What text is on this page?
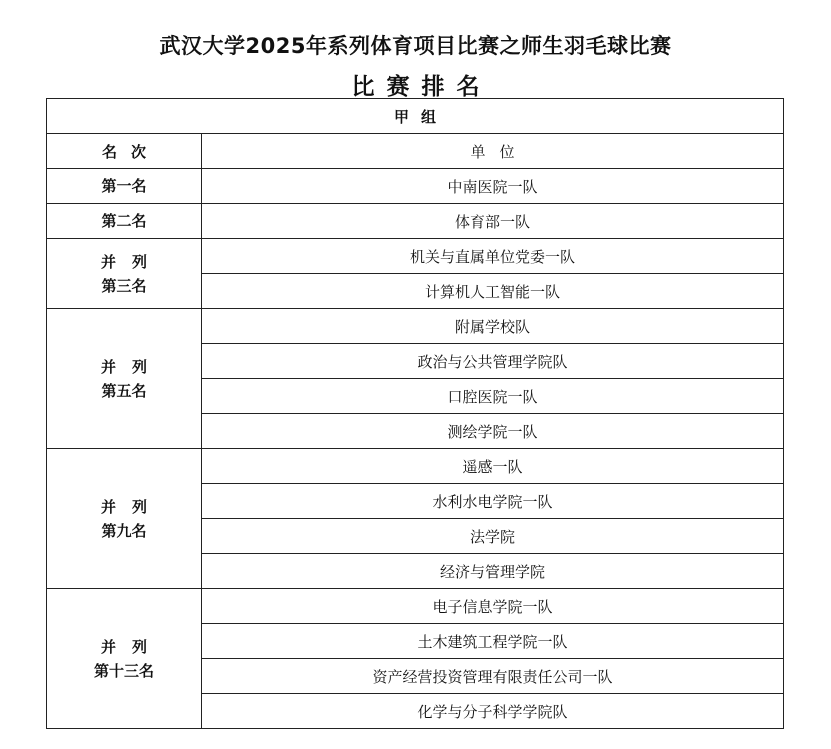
武汉大学2025年系列体育项目比赛之师生羽毛球比赛
比赛排名
甲组	
名次	单位

第一名	中南医院一队

第二名	体育部一队

并列
第三名	机关与直属单位党委一队
	计算机人工智能一队

并列
第五名	附属学校队
	政治与公共管理学院队
	口腔医院一队
	测绘学院一队

并列
第九名	遥感一队
	水利水电学院一队
	法学院
	经济与管理学院

并列
第十三名	电子信息学院一队
	土木建筑工程学院一队
	资产经营投资管理有限责任公司一队
	化学与分子科学学院队
